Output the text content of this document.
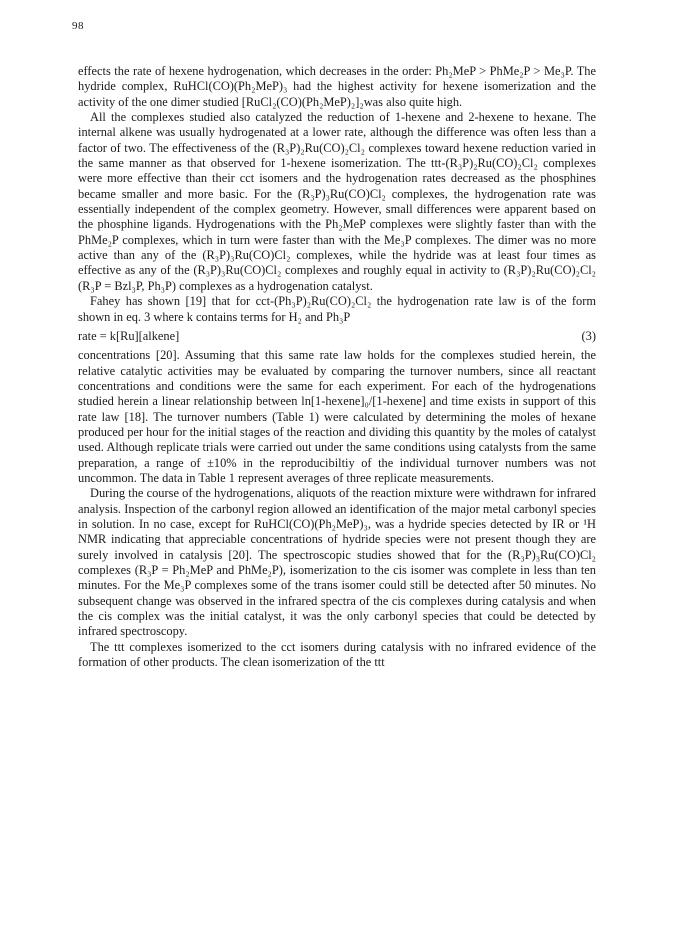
98

effects the rate of hexene hydrogenation, which decreases in the order: Ph₂MeP > PhMe₂P > Me₃P. The hydride complex, RuHCl(CO)(Ph₂MeP)₃ had the highest activity for hexene isomerization and the activity of the one dimer studied [RuCl₂(CO)(Ph₂MeP)₂]₂was also quite high.

All the complexes studied also catalyzed the reduction of 1-hexene and 2-hexene to hexane. The internal alkene was usually hydrogenated at a lower rate, although the difference was often less than a factor of two. The effectiveness of the (R₃P)₂Ru(CO)₂Cl₂ complexes toward hexene reduction varied in the same manner as that observed for 1-hexene isomerization. The ttt-(R₃P)₂Ru(CO)₂Cl₂ complexes were more effective than their cct isomers and the hydrogenation rates decreased as the phosphines became smaller and more basic. For the (R₃P)₃Ru(CO)Cl₂ complexes, the hydrogenation rate was essentially independent of the complex geometry. However, small differences were apparent based on the phosphine ligands. Hydrogenations with the Ph₂MeP complexes were slightly faster than with the PhMe₂P complexes, which in turn were faster than with the Me₃P complexes. The dimer was no more active than any of the (R₃P)₃Ru(CO)Cl₂ complexes, while the hydride was at least four times as effective as any of the (R₃P)₃Ru(CO)Cl₂ complexes and roughly equal in activity to (R₃P)₂Ru(CO)₂Cl₂ (R₃P = Bzl₃P, Ph₃P) complexes as a hydrogenation catalyst.

Fahey has shown [19] that for cct-(Ph₃P)₂Ru(CO)₂Cl₂ the hydrogenation rate law is of the form shown in eq. 3 where k contains terms for H₂ and Ph₃P

rate = k[Ru][alkene]	(3)

concentrations [20]. Assuming that this same rate law holds for the complexes studied herein, the relative catalytic activities may be evaluated by comparing the turnover numbers, since all reactant concentrations and conditions were the same for each experiment. For each of the hydrogenations studied herein a linear relationship between ln[1-hexene]₀/[1-hexene] and time exists in support of this rate law [18]. The turnover numbers (Table 1) were calculated by determining the moles of hexane produced per hour for the initial stages of the reaction and dividing this quantity by the moles of catalyst used. Although replicate trials were carried out under the same conditions using catalysts from the same preparation, a range of ±10% in the reproducibiltiy of the individual turnover numbers was not uncommon. The data in Table 1 represent averages of three replicate measurements.

During the course of the hydrogenations, aliquots of the reaction mixture were withdrawn for infrared analysis. Inspection of the carbonyl region allowed an identification of the major metal carbonyl species in solution. In no case, except for RuHCl(CO)(Ph₂MeP)₃, was a hydride species detected by IR or ¹H NMR indicating that appreciable concentrations of hydride species were not present though they are surely involved in catalysis [20]. The spectroscopic studies showed that for the (R₃P)₃Ru(CO)Cl₂ complexes (R₃P = Ph₂MeP and PhMe₂P), isomerization to the cis isomer was complete in less than ten minutes. For the Me₃P complexes some of the trans isomer could still be detected after 50 minutes. No subsequent change was observed in the infrared spectra of the cis complexes during catalysis and when the cis complex was the initial catalyst, it was the only carbonyl species that could be detected by infrared spectroscopy.

The ttt complexes isomerized to the cct isomers during catalysis with no infrared evidence of the formation of other products. The clean isomerization of the ttt
